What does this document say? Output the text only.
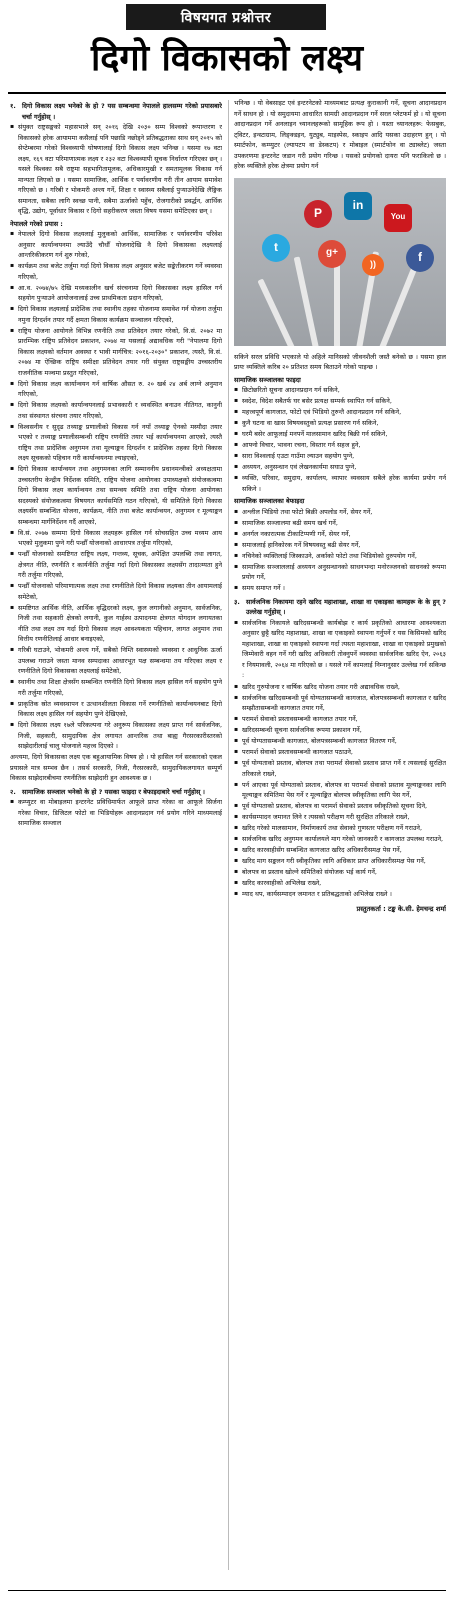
विषयगत प्रश्नोत्तर
दिगो विकासको लक्ष्य
१. दिगो विकास लक्ष्य भनेको के हो ? यस सम्बन्धमा नेपालले हालसम्म गरेको प्रयासबारे चर्चा गर्नुहोस् ।
▪ संयुक्त राष्ट्रसङ्घको महासभाले सन् २०१६ देखि २०३० सम्म विश्वको रूपान्तरण र विकासको हरेक आयाममा कसैलाई पनि पछाडि नछोड्ने प्रतिबद्धताका साथ सन् २०१५ को सेप्टेम्बरमा गरेको विश्वव्यापी घोषणालाई दिगो विकास लक्ष्य भनिन्छ । यसमा १७ वटा लक्ष्य, १६९ वटा परिमाणात्मक लक्ष्य र २३२ वटा विश्वव्यापी सूचक निर्धारण गरिएका छन् । यसले विश्वका सबै राष्ट्रमा सहभागितामूलक, अधिकारमुखी र समतामूलक विकास गर्न मान्यता लिएको छ । यसमा सामाजिक, आर्थिक र पर्यावरणीय गरी तीन आयाम समावेश गरिएको छ । गरिबी र भोकमरी अन्त्य गर्ने, शिक्षा र स्वास्थ्य सबैलाई पुऱ्याउनेदेखि लैङ्गिक समानता, सबैका लागि स्वच्छ पानी, सबैमा ऊर्जाको पहुँच, रोजगारीको प्रवर्द्धन, आर्थिक वृद्धि, उद्योग, पूर्वाधार विकास र दिगो सहरीकरण जस्ता विषय यसमा समेटिएका छन् ।
नेपालले गरेको प्रयास :
▪ नेपालले दिगो विकास लक्ष्यलाई मुलुकको आर्थिक, सामाजिक र पर्यावरणीय परिवेश अनुसार कार्यान्वयनमा ल्याउँदै चौधौँ योजनादेखि नै दिगो विकासका लक्ष्यलाई आन्तरिकीकरण गर्न शुरु गरेको,
▪ कार्यक्रम तथा बजेट तर्जुमा गर्दा दिगो विकास लक्ष्य अनुसार बजेट सङ्केतीकरण गर्ने व्यवस्था गरिएको,
▪ आ.व. २०७४/७५ देखि मध्यकालीन खर्च संरचनामा दिगो विकासका लक्ष्य हासिल गर्न सहयोग पुऱ्याउने आयोजनालाई उच्च प्राथमिकता प्रदान गरिएको,
▪ दिगो विकास लक्ष्यलाई प्रादेशिक तथा स्थानीय तहका योजनामा समावेश गर्न योजना तर्जुमा नमुना दिग्दर्शन तयार गर्दै क्षमता विकास कार्यक्रम सञ्चालन गरिएको,
▪ राष्ट्रिय योजना आयोगले विभिन्न रणनीति तथा प्रतिवेदन तयार गरेको, वि.सं. २०७२ मा प्रारम्भिक राष्ट्रिय प्रतिवेदन प्रकाशन, २०७४ मा यसलाई अद्यावधिक गरी "नेपालमा दिगो विकास लक्ष्यको वर्तमान अवस्था र भावी मार्गचित्र: २०१६-२०३०" प्रकाशन, त्यस्तै, वि.सं. २०७४ मा ऐच्छिक राष्ट्रिय समीक्षा प्रतिवेदन तयार गरी संयुक्त राष्ट्रसङ्घीय उच्चस्तरीय राजनीतिक मञ्चमा प्रस्तुत गरिएको,
▪ दिगो विकास लक्ष्य कार्यान्वयन गर्न वार्षिक औसत रु. २० खर्ब २४ अर्ब लाग्ने अनुमान गरिएको,
▪ दिगो विकास लक्ष्यको कार्यान्वयनलाई प्रभावकारी र व्यवस्थित बनाउन नीतिगत, कानुनी तथा संस्थागत संरचना तयार गरिएको,
▪ विश्वसनीय र सुदृढ तथ्याङ्क प्रणालीको विकास गर्न नयाँ तथ्याङ्क ऐनको मस्यौदा तयार भएको र तथ्याङ्क प्रणालीसम्बन्धी राष्ट्रिय रणनीति तयार भई कार्यान्वयनमा आएको, त्यस्तै राष्ट्रिय तथा प्रादेशिक अनुगमन तथा मूल्याङ्कन दिग्दर्शन र प्रादेशिक तहका दिगो विकास लक्ष्य सूचकको पहिचान गरी कार्यान्वयनमा ल्याइएको,
▪ दिगो विकास कार्यान्वयन तथा अनुगमनका लागि सम्माननीय प्रधानमन्त्रीको अध्यक्षतामा उच्चस्तरीय केन्द्रीय निर्देशक समिति, राष्ट्रिय योजना आयोगका उपाध्यक्षको संयोजकत्वमा दिगो विकास लक्ष्य कार्यान्वयन तथा समन्वय समिति तथा राष्ट्रिय योजना आयोगका सदस्यको संयोजकत्वमा विषयगत कार्यसमिति गठन गरिएको, यी समितिले दिगो विकास लक्ष्यसँग सम्बन्धित योजना, कार्यक्रम, नीति तथा बजेट कार्यान्वयन, अनुगमन र मूल्याङ्कन सम्बन्धमा मार्गनिर्देशन गर्दै आएको,
▪ वि.सं. २०७७ सम्ममा दिगो विकास लक्ष्यहरू हासिल गर्न सोचसहित उच्च मध्यम आय भएको मुलुकमा पुग्ने गरी पन्ध्रौँ योजनाको आधारपत्र तर्जुमा गरिएको,
▪ पन्ध्रौँ योजनाको समष्टिगत राष्ट्रिय लक्ष्य, गन्तव्य, सूचक, अपेक्षित उपलब्धि तथा लागत, क्षेत्रगत नीति, रणनीति र कार्यनीति तर्जुमा गर्दा दिगो विकासका लक्ष्यसँग तादात्म्यता हुने गरी तर्जुमा गरिएको,
▪ पन्ध्रौँ योजनाको परिमाणात्मक लक्ष्य तथा रणनीतिले दिगो विकास लक्ष्यका तीन आयामलाई समेटेको,
▪ समष्टिगत आर्थिक नीति, आर्थिक वृद्धिदरको लक्ष्य, कुल लगानीको अनुमान, सार्वजनिक, निजी तथा सहकारी क्षेत्रको लगानी, कुल गार्हस्थ उत्पादनमा क्षेत्रगत योगदान लगायतका नीति तथा लक्ष्य तय गर्दा दिगो विकास लक्ष्य आवश्यकता पहिचान, लागत अनुमान तथा वित्तीय रणनीतिलाई आधार बनाइएको,
▪ गरिबी घटाउने, भोकमरी अन्त्य गर्ने, सबैको निम्ति स्वास्थ्यको व्यवस्था र आधुनिक ऊर्जा उपलब्ध गराउने जस्ता मानव सम्पदाका आधारभूत पक्ष सम्बन्धमा तय गरिएका लक्ष्य र रणनीतिले दिगो विकासका लक्ष्यलाई समेटेको,
▪ स्थानीय तथा शिक्षा क्षेत्रसँग सम्बन्धित रणनीति दिगो विकास लक्ष्य हासिल गर्न सहयोग पुग्ने गरी तर्जुमा गरिएको,
▪ प्राकृतिक स्रोत व्यवस्थापन र उत्थानशीलता विकास गर्ने रणनीतिको कार्यान्वयनबाट दिगो विकास लक्ष्य हासिल गर्न सहयोग पुग्ने देखिएको,
▪ दिगो विकास लक्ष्य १७ले परिकल्पना गरे अनुरूप विकासका लक्ष्य प्राप्त गर्न सार्वजनिक, निजी, सहकारी, सामुदायिक क्षेत्र लगायत आन्तरिक तथा बाह्य गैरसरकारीस्तरको साझेदारीलाई चालु योजनाले महत्त्व दिएको ।
अन्त्यमा, दिगो विकासका लक्ष्य एक बहुआयामिक विषय हो । यो हासिल गर्न सरकारको एकल प्रयासले मात्र सम्भव छैन । तसर्थ सरकारी, निजी, गैरसरकारी, सामुदायिकलगायत सम्पूर्ण विकास साझेदारबीचमा रणनीतिक साझेदारी हुन आवश्यक छ ।
२. सामाजिक सञ्जाल भनेको के हो ? यसका फाइदा र बेफाइदाबारे चर्चा गर्नुहोस् ।
▪ कम्प्युटर वा मोबाइलमा इन्टरनेट प्रविधिमार्फत आफूले प्राप्त गरेका वा आफूले सिर्जना गरेका विचार, डिजिटल फोटो वा भिडियोहरू आदानप्रदान गर्न प्रयोग गरिने माध्यमलाई सामाजिक सञ्जाल
भनिन्छ । यो वेबसाइट एवं इन्टरनेटको माध्यमबाट प्रत्यक्ष कुराकानी गर्ने, सूचना आदानप्रदान गर्ने साधन हो । यो समुदायमा आधारित सामग्री आदानप्रदान गर्ने सरल प्लेटफर्म हो । यो सूचना आदानप्रदान गर्ने अनलाइन च्यानलहरूको सामूहिक रूप हो । यस्ता च्यानलहरू: फेसबुक, ट्विटर, इन्स्टाग्राम, लिङ्क्डइन, युट्युब, माइस्पेस, स्काइप आदि यसका उदाहरण हुन् । यो स्मार्टफोन, कम्प्युटर (ल्यापटप वा डेस्कटप) र मोबाइल (स्मार्टफोन वा ट्याब्लेट) जस्ता उपकरणमा इन्टरनेट जडान गरी प्रयोग गरिन्छ । यसको प्रयोगको दायरा पनि फराकिलो छ । हरेक व्यक्तिले हरेक क्षेत्रमा प्रयोग गर्न
P
in
You
t	g+	f
))
सकिने सरल प्रविधि भएकाले यो अहिले मानिसको जीवनशैली जस्तै बनेको छ । यसमा हाल प्रायः व्यक्तिले करिब २० प्रतिशत समय बिताउने गरेको पाइन्छ ।
सामाजिक सञ्जालका फाइदा
▪ छिटोछरितो सूचना आदानप्रदान गर्न सकिने,
▪ स्वदेश, विदेश सबैतर्फ घर बसेर प्रत्यक्ष सम्पर्क स्थापित गर्न सकिने,
▪ महत्त्वपूर्ण कागजात, फोटो एवं भिडियो तुरुन्तै आदानप्रदान गर्न सकिने,
▪ कुनै घटना वा खास विषयवस्तुको प्रत्यक्ष प्रसारण गर्न सकिने,
▪ घरमै बसेर आफूलाई मनपर्ने मालसामान खरिद बिक्री गर्न सकिने,
▪ आफ्नो विचार, भावना रचना, विस्तार गर्न सहज हुने,
▪ सारा विश्वलाई एउटा गाउँमा ल्याउन सहयोग पुग्ने,
▪ अध्ययन, अनुसन्धान एवं लेखनकार्यमा सघाउ पुग्ने,
▪ व्यक्ति, परिवार, समुदाय, कार्यालय, व्यापार व्यवसाय सबैले हरेक कार्यमा प्रयोग गर्न सकिने ।
सामाजिक सञ्जालका बेफाइदा
▪ अश्लील भिडियो तथा फोटो बिक्री अपलोड गर्ने, सेयर गर्ने,
▪ सामाजिक सञ्जालमा बढी समय खर्च गर्ने,
▪ अनर्गल नकारात्मक टीकाटिप्पणी गर्ने, सेयर गर्ने,
▪ समाजलाई हानिकोरक गर्ने विषयवस्तु बढी सेयर गर्ने,
▪ नचिनेको व्यक्तिलाई जिस्काउने, अर्काको फोटो तथा भिडियोको दुरुपयोग गर्ने,
▪ सामाजिक सञ्जाललाई अध्ययन अनुसन्धानको साधनभन्दा मनोरञ्जनको साधनको रूपमा प्रयोग गर्ने,
▪ समय समाप्त गर्ने ।
३. सार्वजनिक निकायमा रहने खरिद महाशाखा, शाखा वा एकाइका कामहरू के के हुन् ? उल्लेख गर्नुहोस् ।
▪ सार्वजनिक निकायले खरिदसम्बन्धी कार्यबोझ र कार्य प्रकृतिको आधारमा आवश्यकता अनुसार छुट्टै खरिद महाशाखा, शाखा वा एकाइको स्थापना गर्नुपर्ने र यस किसिमको खरिद महाशाखा, शाखा वा एकाइको स्थापना गर्दा त्यस्ता महाशाखा, शाखा वा एकाइको प्रमुखको जिम्मेवारी वहन गर्ने गरी खरिद अधिकारी तोक्नुपर्ने व्यवस्था सार्वजनिक खरिद ऐन, २०६३ र नियमावली, २०६४ मा गरिएको छ । यसले गर्ने कामलाई निम्नानुसार उल्लेख गर्न सकिन्छ :
▪ खरिद गुरुयोजना र वार्षिक खरिद योजना तयार गरी अद्यावधिक राख्ने,
▪ सार्वजनिक खरिदसम्बन्धी पूर्व योग्यतासम्बन्धी कागजात, बोलपत्रसम्बन्धी कागजात र खरिद सम्झौतासम्बन्धी कागजात तयार गर्ने,
▪ परामर्श सेवाको प्रस्तावसम्बन्धी कागजात तयार गर्ने,
▪ खरिदसम्बन्धी सूचना सार्वजनिक रूपमा प्रकाशन गर्ने,
▪ पूर्व योग्यतासम्बन्धी कागजात, बोलपत्रसम्बन्धी कागजात वितरण गर्ने,
▪ परामर्श सेवाको प्रस्तावसम्बन्धी कागजात पठाउने,
▪ पूर्व योग्यताको प्रस्ताव, बोलपत्र तथा परामर्श सेवाको प्रस्ताव प्राप्त गर्ने र त्यसलाई सुरक्षित तरिकाले राख्ने,
▪ पर्न आएका पूर्व योग्यताको प्रस्ताव, बोलपत्र वा परामर्श सेवाको प्रस्ताव मूल्याङ्कनका लागि मूल्याङ्कन समितिमा पेस गर्ने र मूल्याङ्कित बोलपत्र स्वीकृतिका लागि पेस गर्ने,
▪ पूर्व योग्यताको प्रस्ताव, बोलपत्र वा परामर्श सेवाको प्रस्ताव स्वीकृतिको सूचना दिने,
▪ कार्यसम्पादन जमानत लिने र त्यसको परीक्षण गरी सुरक्षित तरिकाले राख्ने,
▪ खरिद गरेको मालसामान, निर्माणकार्य तथा सेवाको गुणस्तर परीक्षण गर्ने गराउने,
▪ सार्वजनिक खरिद अनुगमन कार्यालयले माग गरेको जानकारी र कागजात उपलब्ध गराउने,
▪ खरिद कारवाहीसँग सम्बन्धित कागजात खरिद अधिकारीसमक्ष पेस गर्ने,
▪ खरिद माग सङ्कलन गरी स्वीकृतिका लागि अधिकार प्राप्त अधिकारीसमक्ष पेस गर्ने,
▪ बोलपत्र वा प्रस्ताव खोल्ने समितिको संयोजक भई कार्य गर्ने,
▪ खरिद कारवाहीको अभिलेख राख्ने,
▪ म्याद थप, कार्यसम्पादन जमानत र प्रतिबद्धताको अभिलेख राख्ने ।
प्रस्तुतकर्ता : टङ्क के.सी. हेमचन्द्र शर्मा
